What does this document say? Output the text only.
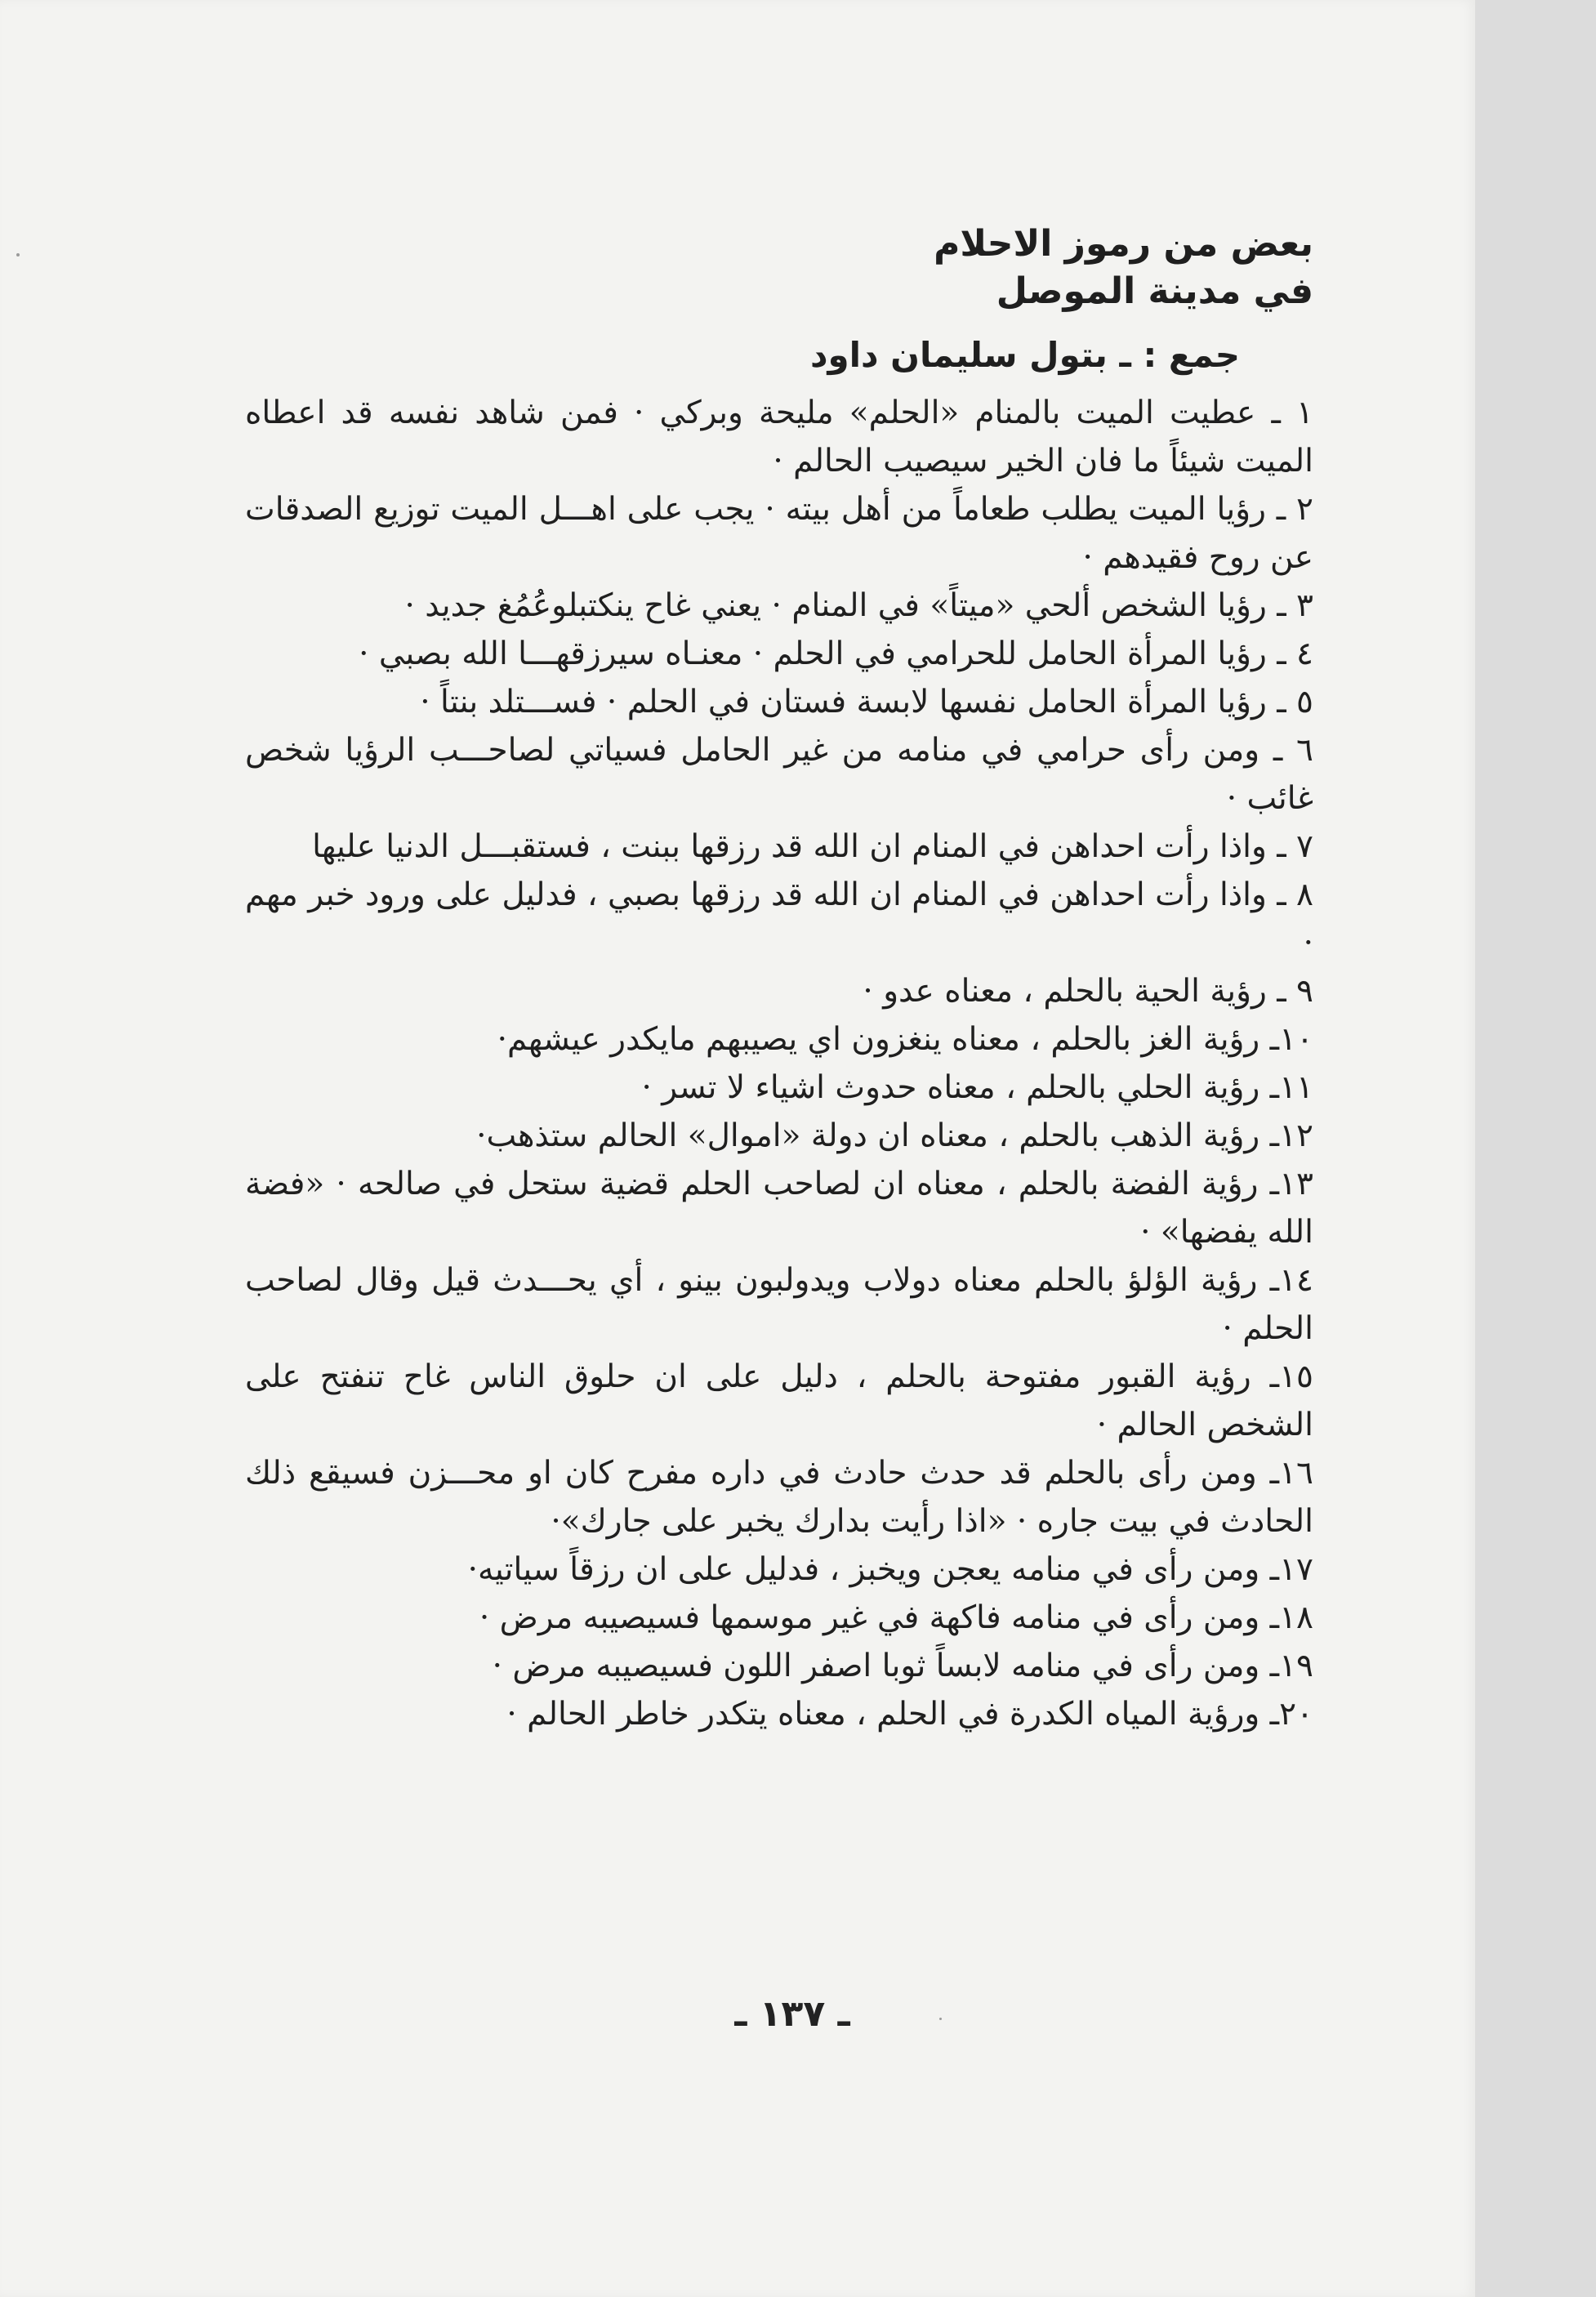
بعض من رموز الاحلام
في مدينة الموصل
جمع : ـ بتول سليمان داود
١ ـ عطيت الميت بالمنام «الحلم» مليحة وبركي · فمن شاهد نفسه قد اعطاه الميت شيئاً ما فان الخير سيصيب الحالم ·
٢ ـ رؤيا الميت يطلب طعاماً من أهل بيته · يجب على اهـــل الميت توزيع الصدقات عن روح فقيدهم ·
٣ ـ رؤيا الشخص ألحي «ميتاً» في المنام · يعني غاح ينكتبلوعُمُغ جديد ·
٤ ـ رؤيا المرأة الحامل للحرامي في الحلم · معنـاه سيرزقهـــا الله بصبي ·
٥ ـ رؤيا المرأة الحامل نفسها لابسة فستان في الحلم · فســـتلد بنتاً ·
٦ ـ ومن رأى حرامي في منامه من غير الحامل فسياتي لصاحـــب الرؤيا شخص غائب ·
٧ ـ واذا رأت احداهن في المنام ان الله قد رزقها ببنت ، فستقبـــل الدنيا عليها
٨ ـ واذا رأت احداهن في المنام ان الله قد رزقها بصبي ، فدليل على ورود خبر مهم ·
٩ ـ رؤية الحية بالحلم ، معناه عدو ·
١٠ـ رؤية الغز بالحلم ، معناه ينغزون اي يصيبهم مايكدر عيشهم·
١١ـ رؤية الحلي بالحلم ، معناه حدوث اشياء لا تسر ·
١٢ـ رؤية الذهب بالحلم ، معناه ان دولة «اموال» الحالم ستذهب·
١٣ـ رؤية الفضة بالحلم ، معناه ان لصاحب الحلم قضية ستحل في صالحه · «فضة الله يفضها» ·
١٤ـ رؤية الؤلؤ بالحلم معناه دولاب ويدولبون بينو ، أي يحـــدث قيل وقال لصاحب الحلم ·
١٥ـ رؤية القبور مفتوحة بالحلم ، دليل على ان حلوق الناس غاح تنفتح على الشخص الحالم ·
١٦ـ ومن رأى بالحلم قد حدث حادث في داره مفرح كان او محـــزن فسيقع ذلك الحادث في بيت جاره · «اذا رأيت بدارك يخبر على جارك»·
١٧ـ ومن رأى في منامه يعجن ويخبز ، فدليل على ان رزقاً سياتيه·
١٨ـ ومن رأى في منامه فاكهة في غير موسمها فسيصيبه مرض ·
١٩ـ ومن رأى في منامه لابساً ثوبا اصفر اللون فسيصيبه مرض ·
٢٠ـ ورؤية المياه الكدرة في الحلم ، معناه يتكدر خاطر الحالم ·
ـ ١٣٧ ـ
